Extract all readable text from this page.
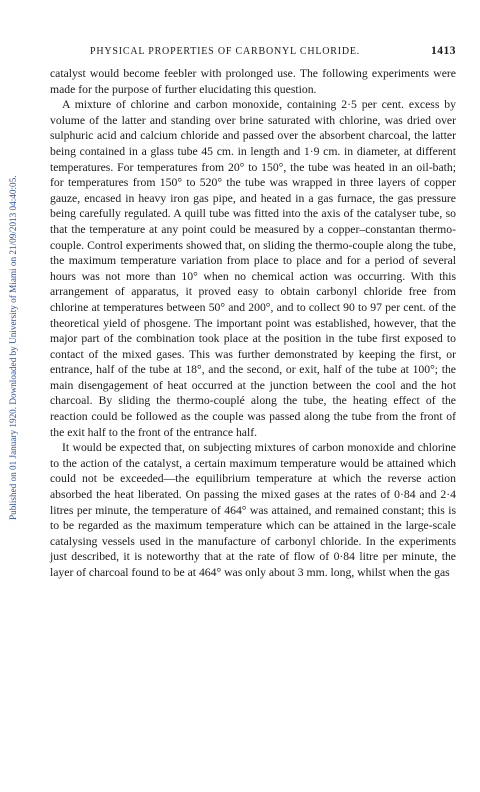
Published on 01 January 1920. Downloaded by University of Miami on 21/09/2013 04:40:05.
PHYSICAL PROPERTIES OF CARBONYL CHLORIDE.	1413

catalyst would become feebler with prolonged use. The following experiments were made for the purpose of further elucidating this question.

A mixture of chlorine and carbon monoxide, containing 2·5 per cent. excess by volume of the latter and standing over brine saturated with chlorine, was dried over sulphuric acid and calcium chloride and passed over the absorbent charcoal, the latter being contained in a glass tube 45 cm. in length and 1·9 cm. in diameter, at different temperatures. For temperatures from 20° to 150°, the tube was heated in an oil-bath; for temperatures from 150° to 520° the tube was wrapped in three layers of copper gauze, encased in heavy iron gas pipe, and heated in a gas furnace, the gas pressure being carefully regulated. A quill tube was fitted into the axis of the catalyser tube, so that the temperature at any point could be measured by a copper–constantan thermo-couple. Control experiments showed that, on sliding the thermo-couple along the tube, the maximum temperature variation from place to place and for a period of several hours was not more than 10° when no chemical action was occurring. With this arrangement of apparatus, it proved easy to obtain carbonyl chloride free from chlorine at temperatures between 50° and 200°, and to collect 90 to 97 per cent. of the theoretical yield of phosgene. The important point was established, however, that the major part of the combination took place at the position in the tube first exposed to contact of the mixed gases. This was further demonstrated by keeping the first, or entrance, half of the tube at 18°, and the second, or exit, half of the tube at 100°; the main disengagement of heat occurred at the junction between the cool and the hot charcoal. By sliding the thermo-couplé along the tube, the heating effect of the reaction could be followed as the couple was passed along the tube from the front of the exit half to the front of the entrance half.

It would be expected that, on subjecting mixtures of carbon monoxide and chlorine to the action of the catalyst, a certain maximum temperature would be attained which could not be exceeded—the equilibrium temperature at which the reverse action absorbed the heat liberated. On passing the mixed gases at the rates of 0·84 and 2·4 litres per minute, the temperature of 464° was attained, and remained constant; this is to be regarded as the maximum temperature which can be attained in the large-scale catalysing vessels used in the manufacture of carbonyl chloride. In the experiments just described, it is noteworthy that at the rate of flow of 0·84 litre per minute, the layer of charcoal found to be at 464° was only about 3 mm. long, whilst when the gas
